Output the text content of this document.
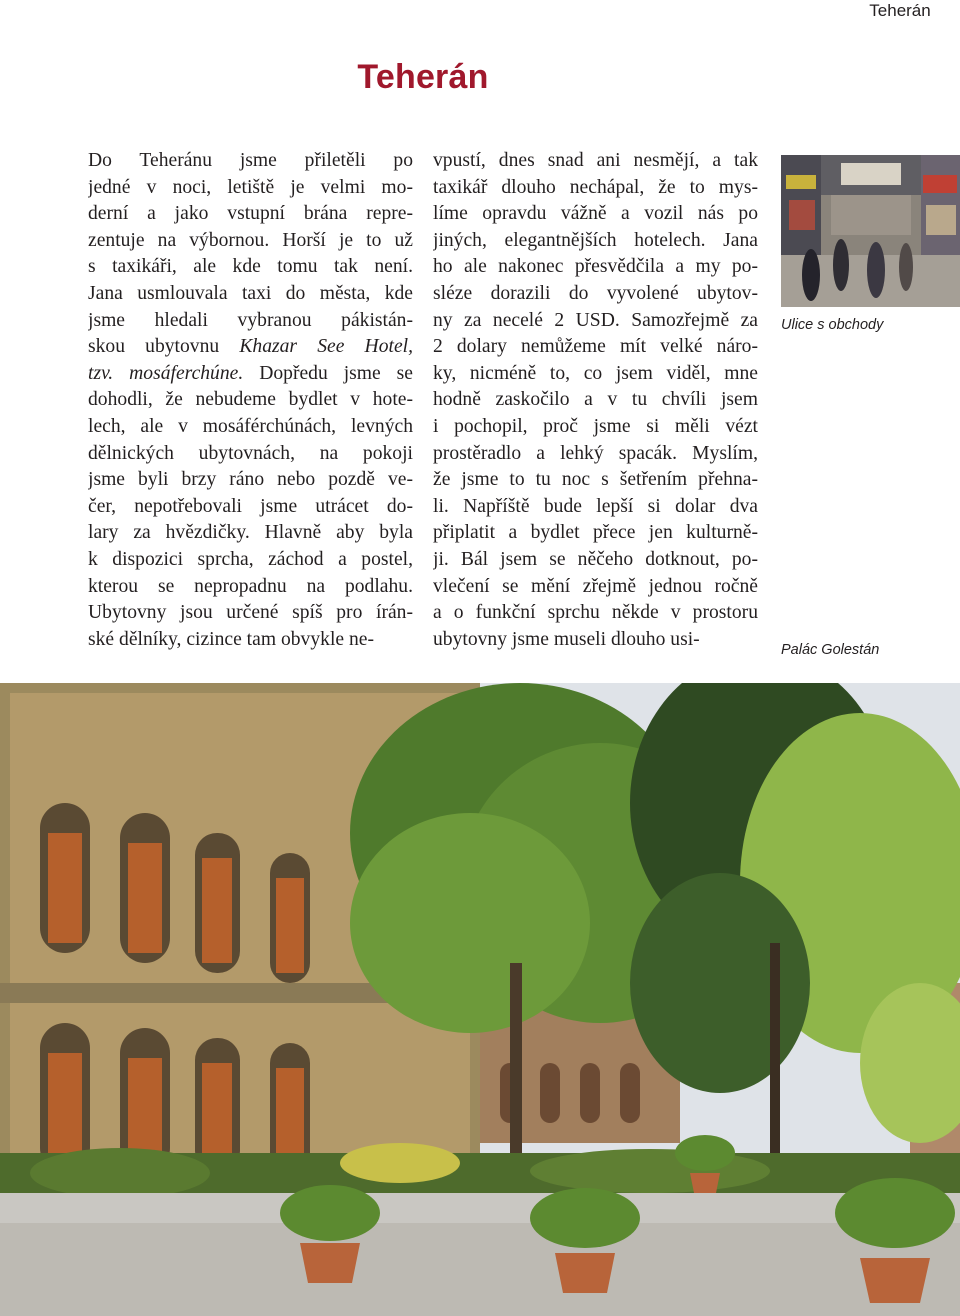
Teherán
Teherán
Do Teheránu jsme přiletěli po
jedné v noci, letiště je velmi mo-
derní a jako vstupní brána repre-
zentuje na výbornou. Horší je to už
s taxikáři, ale kde tomu tak není.
Jana usmlouvala taxi do města, kde
jsme hledali vybranou pákistán-
skou ubytovnu Khazar See Hotel,
tzv. mosáferchúne. Dopředu jsme se
dohodli, že nebudeme bydlet v hote-
lech, ale v mosáférchúnách, levných
dělnických ubytovnách, na pokoji
jsme byli brzy ráno nebo pozdě ve-
čer, nepotřebovali jsme utrácet do-
lary za hvězdičky. Hlavně aby byla
k dispozici sprcha, záchod a postel,
kterou se nepropadnu na podlahu.
Ubytovny jsou určené spíš pro írán-
ské dělníky, cizince tam obvykle ne-
vpustí, dnes snad ani nesmějí, a tak
taxikář dlouho nechápal, že to mys-
líme opravdu vážně a vozil nás po
jiných, elegantnějších hotelech. Jana
ho ale nakonec přesvědčila a my po-
sléze dorazili do vyvolené ubytov-
ny za necelé 2 USD. Samozřejmě za
2 dolary nemůžeme mít velké náro-
ky, nicméně to, co jsem viděl, mne
hodně zaskočilo a v tu chvíli jsem
i pochopil, proč jsme si měli vézt
prostěradlo a lehký spacák. Myslím,
že jsme to tu noc s šetřením přehna-
li. Napříště bude lepší si dolar dva
připlatit a bydlet přece jen kulturně-
ji. Bál jsem se něčeho dotknout, po-
vlečení se mění zřejmě jednou ročně
a o funkční sprchu někde v prostoru
ubytovny jsme museli dlouho usi-
Ulice s obchody
Palác Golestán
